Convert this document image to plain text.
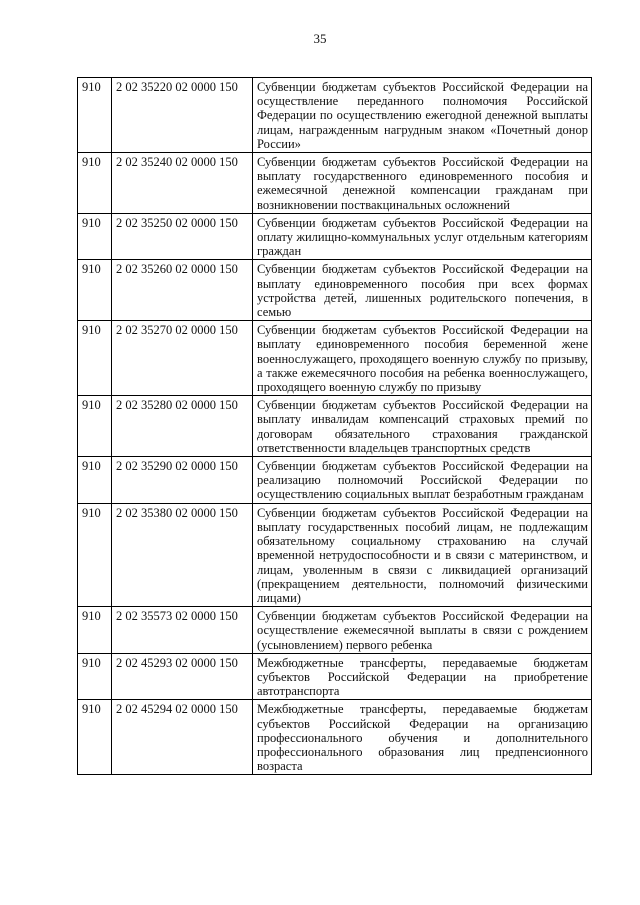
35
910	2 02 35220 02 0000 150	Субвенции бюджетам субъектов Российской Федерации на осуществление переданного полномочия Российской Федерации по осуществлению ежегодной денежной выплаты лицам, награжденным нагрудным знаком «Почетный донор России»
910	2 02 35240 02 0000 150	Субвенции бюджетам субъектов Российской Федерации на выплату государственного единовременного пособия и ежемесячной денежной компенсации гражданам при возникновении поствакцинальных осложнений
910	2 02 35250 02 0000 150	Субвенции бюджетам субъектов Российской Федерации на оплату жилищно-коммунальных услуг отдельным категориям граждан
910	2 02 35260 02 0000 150	Субвенции бюджетам субъектов Российской Федерации на выплату единовременного пособия при всех формах устройства детей, лишенных родительского попечения, в семью
910	2 02 35270 02 0000 150	Субвенции бюджетам субъектов Российской Федерации на выплату единовременного пособия беременной жене военнослужащего, проходящего военную службу по призыву, а также ежемесячного пособия на ребенка военнослужащего, проходящего военную службу по призыву
910	2 02 35280 02 0000 150	Субвенции бюджетам субъектов Российской Федерации на выплату инвалидам компенсаций страховых премий по договорам обязательного страхования гражданской ответственности владельцев транспортных средств
910	2 02 35290 02 0000 150	Субвенции бюджетам субъектов Российской Федерации на реализацию полномочий Российской Федерации по осуществлению социальных выплат безработным гражданам
910	2 02 35380 02 0000 150	Субвенции бюджетам субъектов Российской Федерации на выплату государственных пособий лицам, не подлежащим обязательному социальному страхованию на случай временной нетрудоспособности и в связи с материнством, и лицам, уволенным в связи с ликвидацией организаций (прекращением деятельности, полномочий физическими лицами)
910	2 02 35573 02 0000 150	Субвенции бюджетам субъектов Российской Федерации на осуществление ежемесячной выплаты в связи с рождением (усыновлением) первого ребенка
910	2 02 45293 02 0000 150	Межбюджетные трансферты, передаваемые бюджетам субъектов Российской Федерации на приобретение автотранспорта
910	2 02 45294 02 0000 150	Межбюджетные трансферты, передаваемые бюджетам субъектов Российской Федерации на организацию профессионального обучения и дополнительного профессионального образования лиц предпенсионного возраста
